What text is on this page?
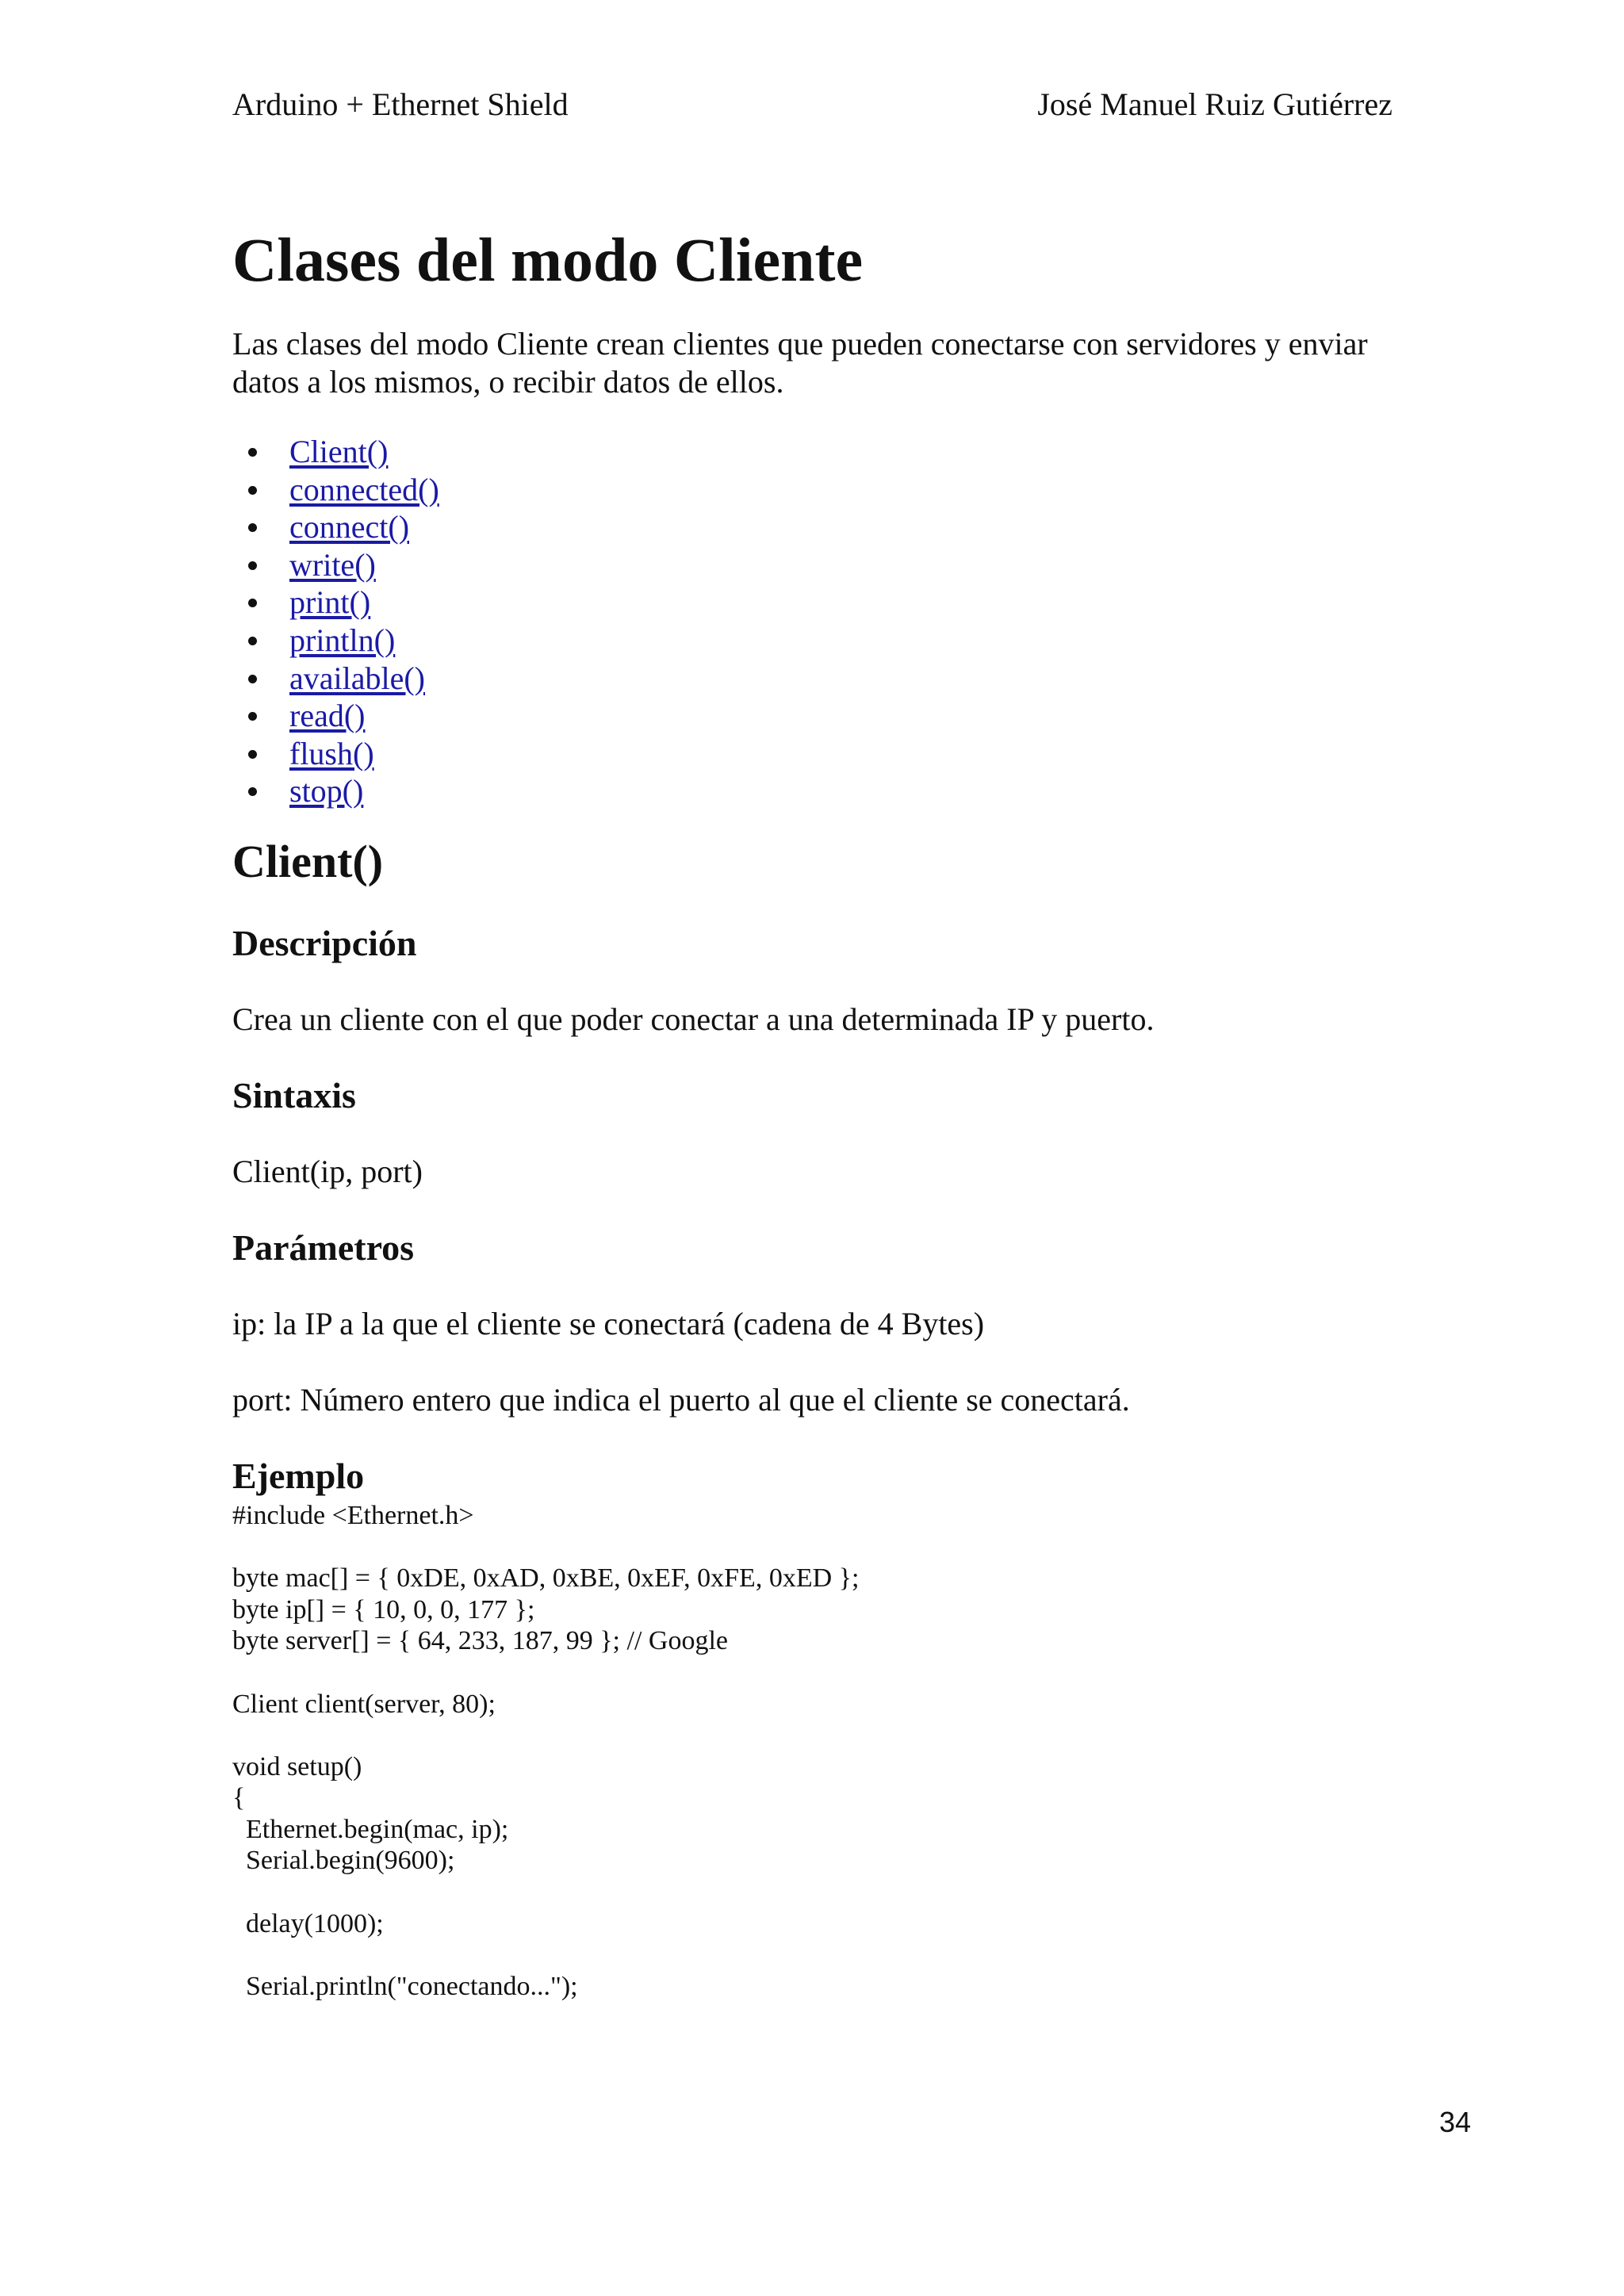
Arduino + Ethernet Shield	José Manuel Ruiz Gutiérrez
Clases del modo Cliente

Las clases del modo Cliente crean clientes que pueden conectarse con servidores y enviar datos a los mismos, o recibir datos de ellos.

Client()
connected()
connect()
write()
print()
println()
available()
read()
flush()
stop()
Client()
Descripción

Crea un cliente con el que poder conectar a una determinada IP y puerto.

Sintaxis

Client(ip, port)

Parámetros

ip: la IP a la que el cliente se conectará (cadena de 4 Bytes)

port: Número entero que indica el puerto al que el cliente se conectará.

Ejemplo
#include <Ethernet.h>

byte mac[] = { 0xDE, 0xAD, 0xBE, 0xEF, 0xFE, 0xED };
byte ip[] = { 10, 0, 0, 177 };
byte server[] = { 64, 233, 187, 99 }; // Google

Client client(server, 80);

void setup()
{
Ethernet.begin(mac, ip);
Serial.begin(9600);

delay(1000);

Serial.println("conectando...");
34
